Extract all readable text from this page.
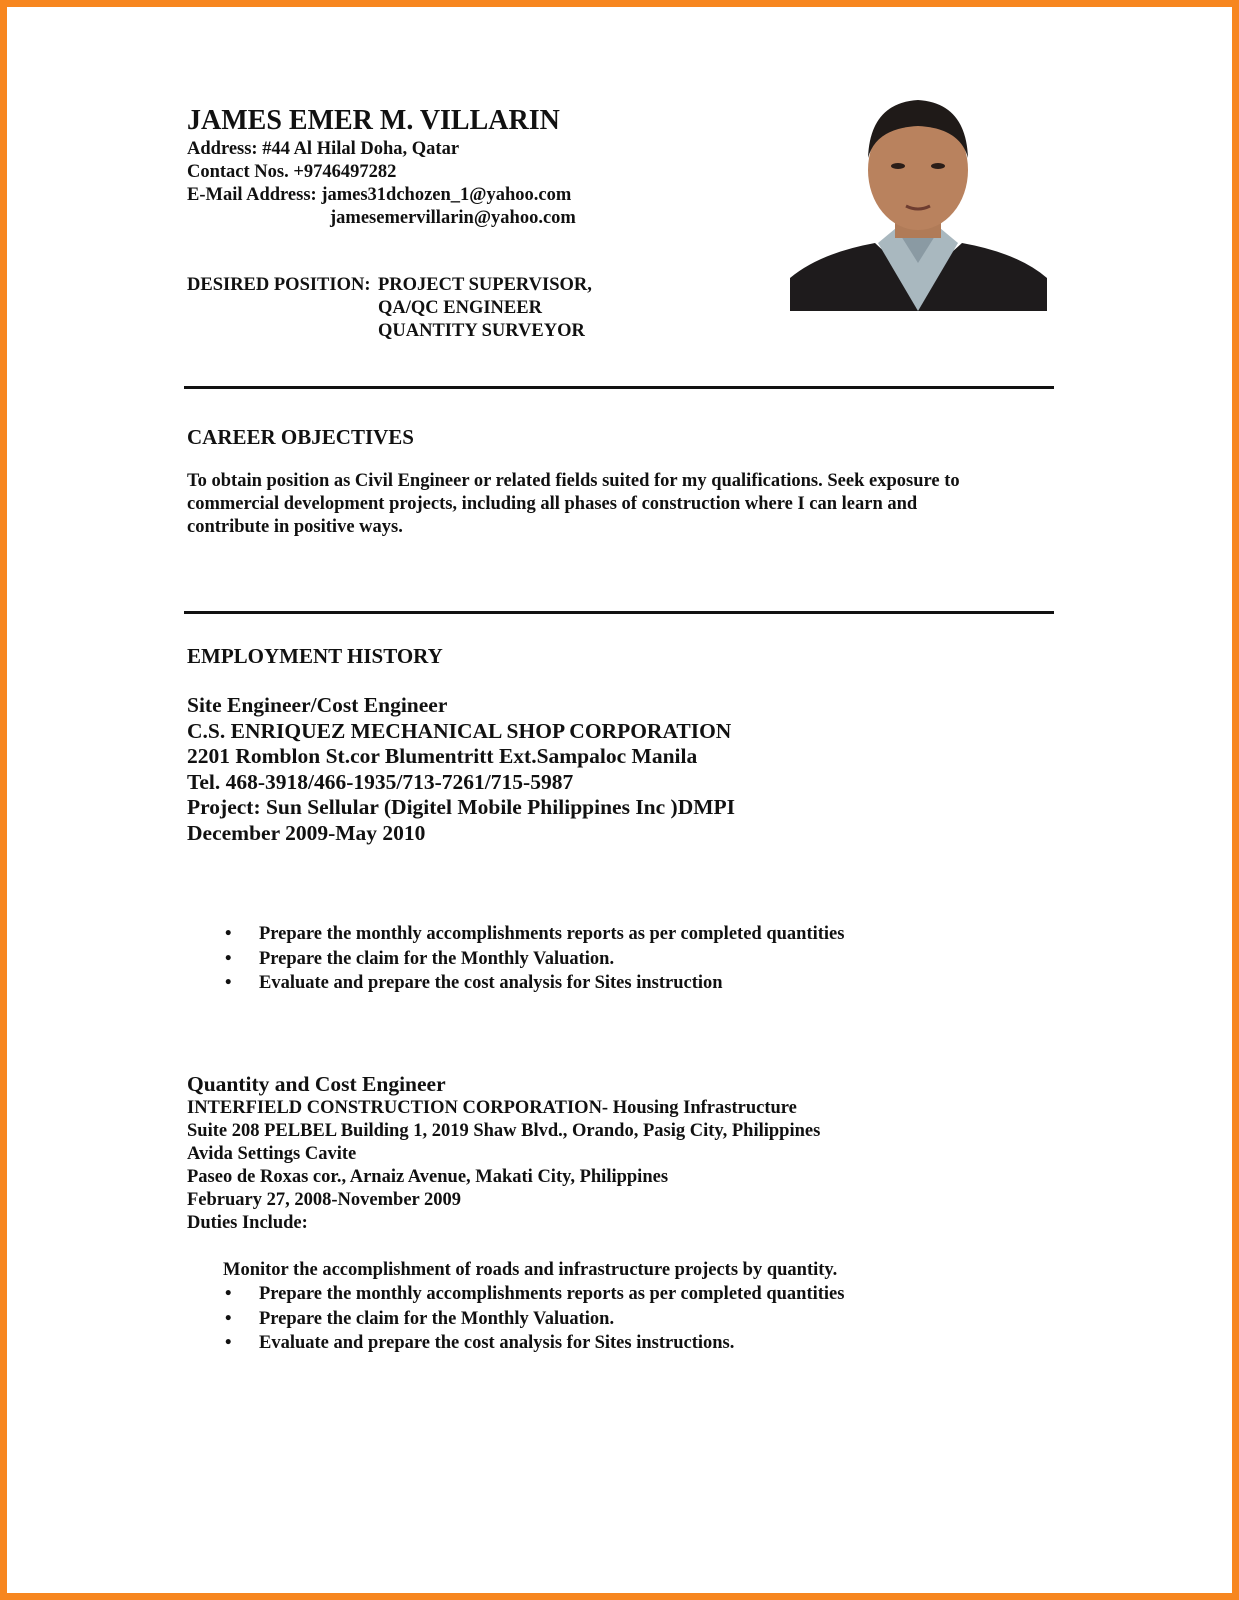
JAMES EMER M. VILLARIN
Address: #44 Al Hilal Doha, Qatar
Contact Nos. +9746497282
E-Mail Address: james31dchozen_1@yahoo.com
jamesemervillarin@yahoo.com
DESIRED POSITION:PROJECT SUPERVISOR,
QA/QC ENGINEER
QUANTITY SURVEYOR
CAREER OBJECTIVES
To obtain position as Civil Engineer or related fields suited for my qualifications. Seek exposure to
commercial development projects, including all phases of construction where I can learn and
contribute in positive ways.
EMPLOYMENT HISTORY
Site Engineer/Cost Engineer
C.S. ENRIQUEZ MECHANICAL SHOP CORPORATION
2201 Romblon St.cor Blumentritt Ext.Sampaloc Manila
Tel. 468-3918/466-1935/713-7261/715-5987
Project: Sun Sellular (Digitel Mobile Philippines Inc )DMPI
December 2009-May 2010
• Prepare the monthly accomplishments reports as per completed quantities
• Prepare the claim for the Monthly Valuation.
• Evaluate and prepare the cost analysis for Sites instruction
Quantity and Cost Engineer
INTERFIELD CONSTRUCTION CORPORATION- Housing Infrastructure
Suite 208 PELBEL Building 1, 2019 Shaw Blvd., Orando, Pasig City, Philippines
Avida Settings Cavite
Paseo de Roxas cor., Arnaiz Avenue, Makati City, Philippines
February 27, 2008-November 2009
Duties Include:
Monitor the accomplishment of roads and infrastructure projects by quantity.
• Prepare the monthly accomplishments reports as per completed quantities
• Prepare the claim for the Monthly Valuation.
• Evaluate and prepare the cost analysis for Sites instructions.
